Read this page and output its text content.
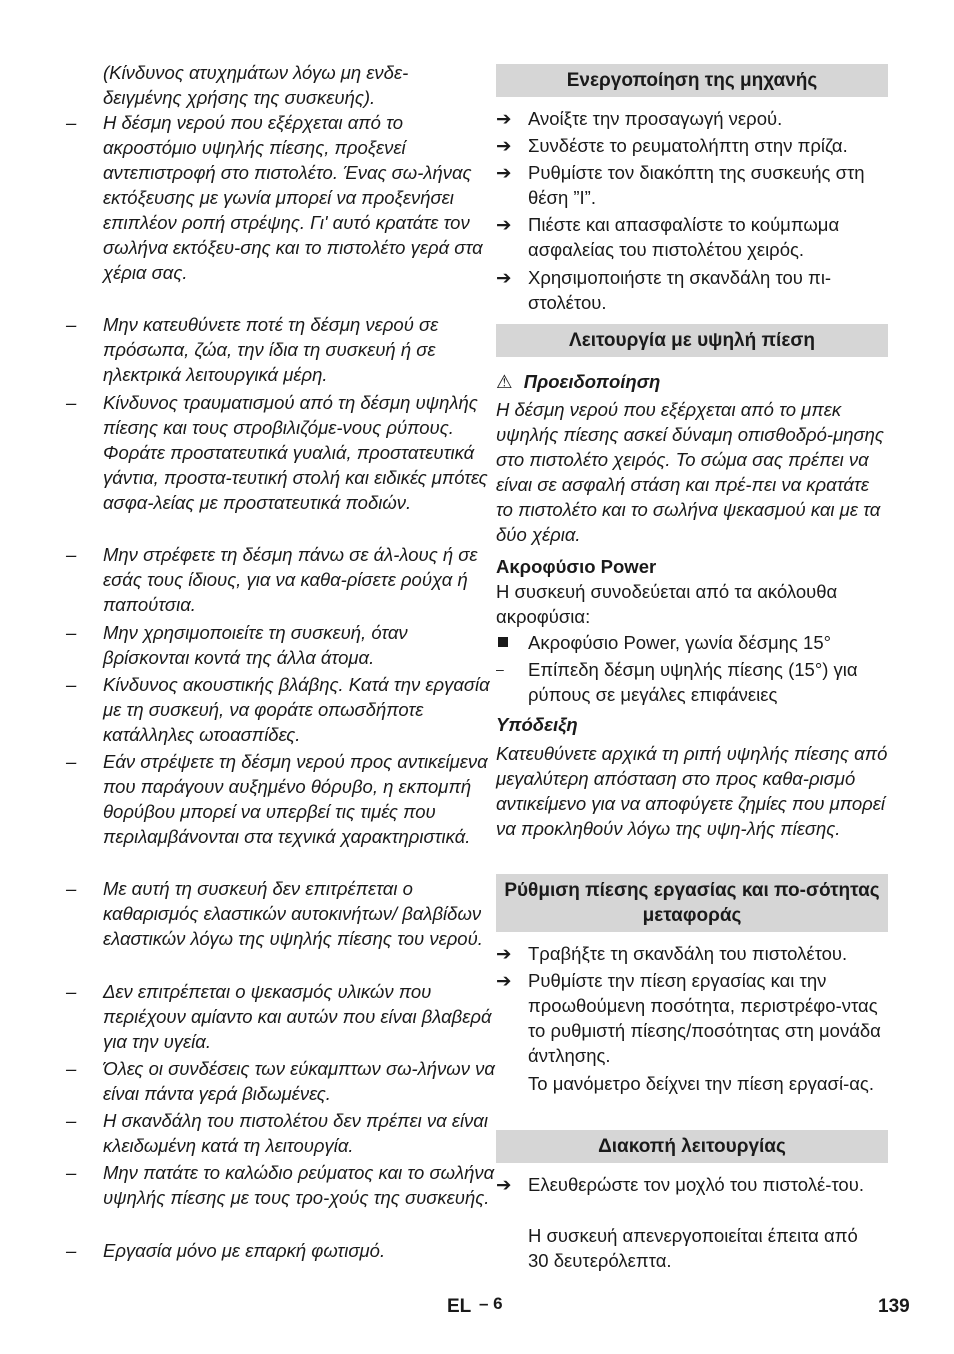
(Κίνδυνος ατυχημάτων λόγω μη ενδε-
δειγμένης χρήσης της συσκευής).
–	Η δέσμη νερού που εξέρχεται από το ακροστόμιο υψηλής πίεσης, προξενεί αντεπιστροφή στο πιστολέτο. Ένας σω-λήνας εκτόξευσης με γωνία μπορεί να προξενήσει επιπλέον ροπή στρέψης. Γι' αυτό κρατάτε τον σωλήνα εκτόξευ-σης και το πιστολέτο γερά στα χέρια σας.
–	Μην κατευθύνετε ποτέ τη δέσμη νερού σε πρόσωπα, ζώα, την ίδια τη συσκευή ή σε ηλεκτρικά λειτουργικά μέρη.
–	Κίνδυνος τραυματισμού από τη δέσμη υψηλής πίεσης και τους στροβιλιζόμε-νους ρύπους. Φοράτε προστατευτικά γυαλιά, προστατευτικά γάντια, προστα-τευτική στολή και ειδικές μπότες ασφα-λείας με προστατευτικά ποδιών.
–	Μην στρέφετε τη δέσμη πάνω σε άλ-λους ή σε εσάς τους ίδιους, για να καθα-ρίσετε ρούχα ή παπούτσια.
–	Μην χρησιμοποιείτε τη συσκευή, όταν βρίσκονται κοντά της άλλα άτομα.
–	Κίνδυνος ακουστικής βλάβης. Κατά την εργασία με τη συσκευή, να φοράτε οπωσδήποτε κατάλληλες ωτοασπίδες.
–	Εάν στρέψετε τη δέσμη νερού προς αντικείμενα που παράγουν αυξημένο θόρυβο, η εκπομπή θορύβου μπορεί να υπερβεί τις τιμές που περιλαμβάνονται στα τεχνικά χαρακτηριστικά.
–	Με αυτή τη συσκευή δεν επιτρέπεται ο καθαρισμός ελαστικών αυτοκινήτων/ βαλβίδων ελαστικών λόγω της υψηλής πίεσης του νερού.
–	Δεν επιτρέπεται ο ψεκασμός υλικών που περιέχουν αμίαντο και αυτών που είναι βλαβερά για την υγεία.
–	Όλες οι συνδέσεις των εύκαμπτων σω-λήνων να είναι πάντα γερά βιδωμένες.
–	Η σκανδάλη του πιστολέτου δεν πρέπει να είναι κλειδωμένη κατά τη λειτουργία.
–	Μην πατάτε το καλώδιο ρεύματος και το σωλήνα υψηλής πίεσης με τους τρο-χούς της συσκευής.
–	Εργασία μόνο με επαρκή φωτισμό.
Ενεργοποίηση της μηχανής
➔ Ανοίξτε την προσαγωγή νερού.
➔ Συνδέστε το ρευματολήπτη στην πρίζα.
➔ Ρυθμίστε τον διακόπτη της συσκευής στη θέση ”I”.
➔ Πιέστε και απασφαλίστε το κούμπωμα ασφαλείας του πιστολέτου χειρός.
➔ Χρησιμοποιήστε τη σκανδάλη του πι-στολέτου.
Λειτουργία με υψηλή πίεση
⚠ Προειδοποίηση
Η δέσμη νερού που εξέρχεται από το μπεκ υψηλής πίεσης ασκεί δύναμη οπισθοδρό-μησης στο πιστολέτο χειρός. Το σώμα σας πρέπει να είναι σε ασφαλή στάση και πρέ-πει να κρατάτε το πιστολέτο και το σωλήνα ψεκασμού και με τα δύο χέρια.
Ακροφύσιο Power
Η συσκευή συνοδεύεται από τα ακόλουθα ακροφύσια:
Ακροφύσιο Power, γωνία δέσμης 15°
–	Επίπεδη δέσμη υψηλής πίεσης (15°) για ρύπους σε μεγάλες επιφάνειες
Υπόδειξη
Κατευθύνετε αρχικά τη ριπή υψηλής πίεσης από μεγαλύτερη απόσταση στο προς καθα-ρισμό αντικείμενο για να αποφύγετε ζημίες που μπορεί να προκληθούν λόγω της υψη-λής πίεσης.
Ρύθμιση πίεσης εργασίας και πο-σότητας μεταφοράς
➔ Τραβήξτε τη σκανδάλη του πιστολέτου.
➔ Ρυθμίστε την πίεση εργασίας και την προωθούμενη ποσότητα, περιστρέφο-ντας το ρυθμιστή πίεσης/ποσότητας στη μονάδα άντλησης.
Το μανόμετρο δείχνει την πίεση εργασί-ας.
Διακοπή λειτουργίας
➔ Ελευθερώστε τον μοχλό του πιστολέ-του.
Η συσκευή απενεργοποιείται έπειτα από 30 δευτερόλεπτα.
EL – 6	139
